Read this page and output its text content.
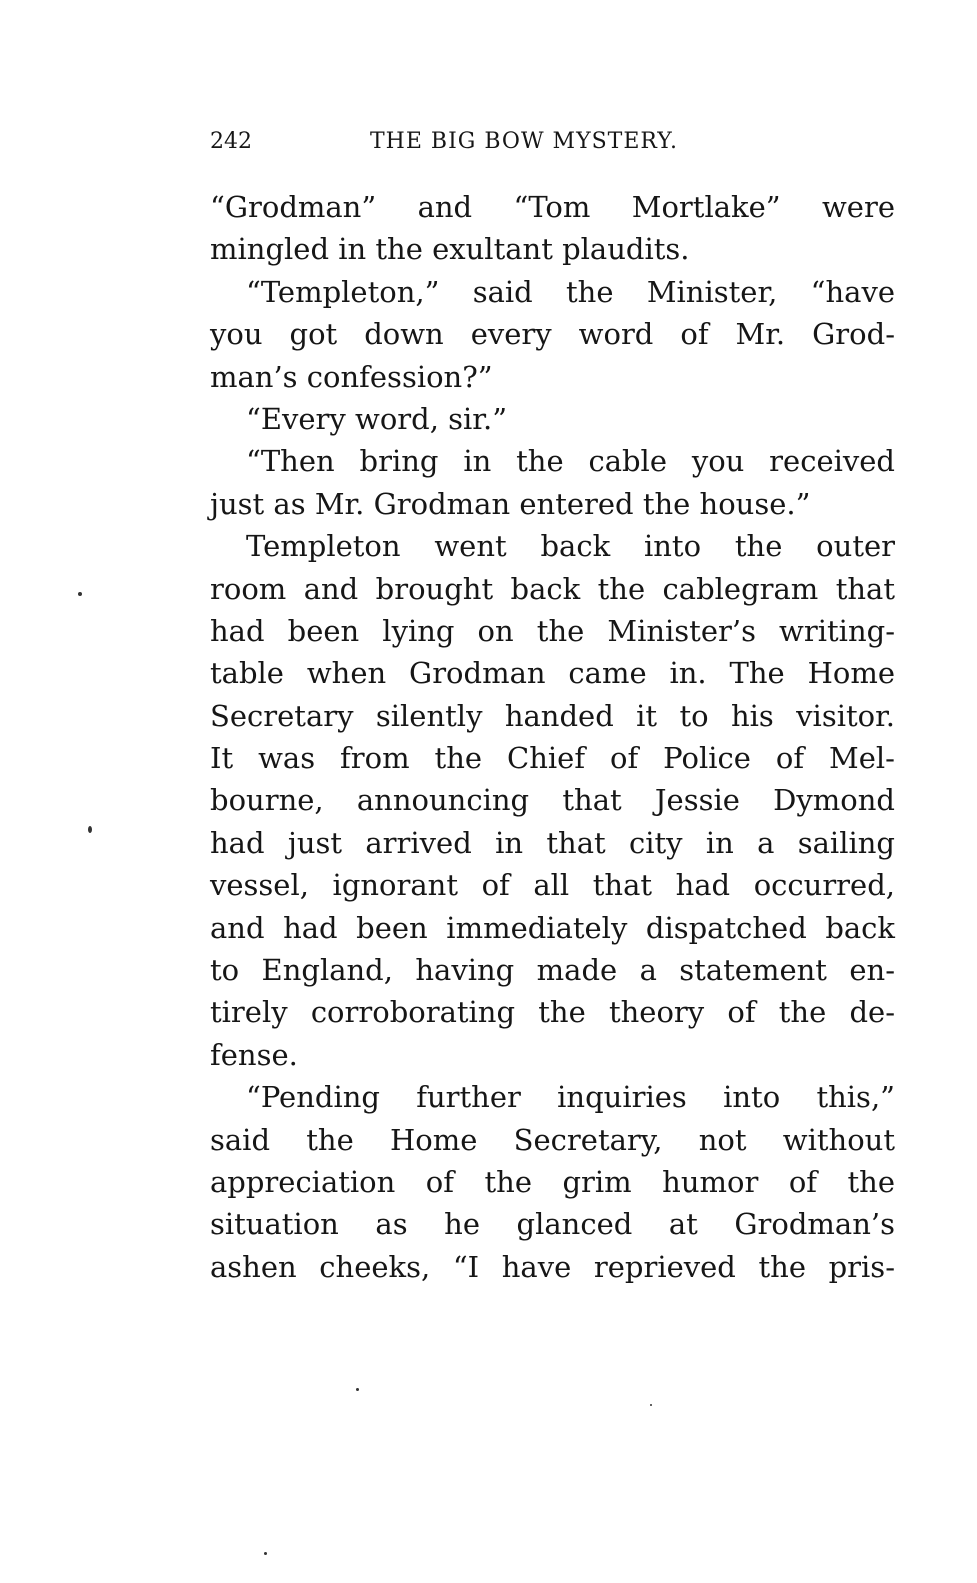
242	THE BIG BOW MYSTERY.
“Grodman” and “Tom Mortlake” were
mingled in the exultant plaudits.
“Templeton,” said the Minister, “have
you got down every word of Mr. Grod-
man’s confession?”
“Every word, sir.”
“Then bring in the cable you received
just as Mr. Grodman entered the house.”
Templeton went back into the outer
room and brought back the cablegram that
had been lying on the Minister’s writing-
table when Grodman came in. The Home
Secretary silently handed it to his visitor.
It was from the Chief of Police of Mel-
bourne, announcing that Jessie Dymond
had just arrived in that city in a sailing
vessel, ignorant of all that had occurred,
and had been immediately dispatched back
to England, having made a statement en-
tirely corroborating the theory of the de-
fense.
“Pending further inquiries into this,”
said the Home Secretary, not without
appreciation of the grim humor of the
situation as he glanced at Grodman’s
ashen cheeks, “I have reprieved the pris-
